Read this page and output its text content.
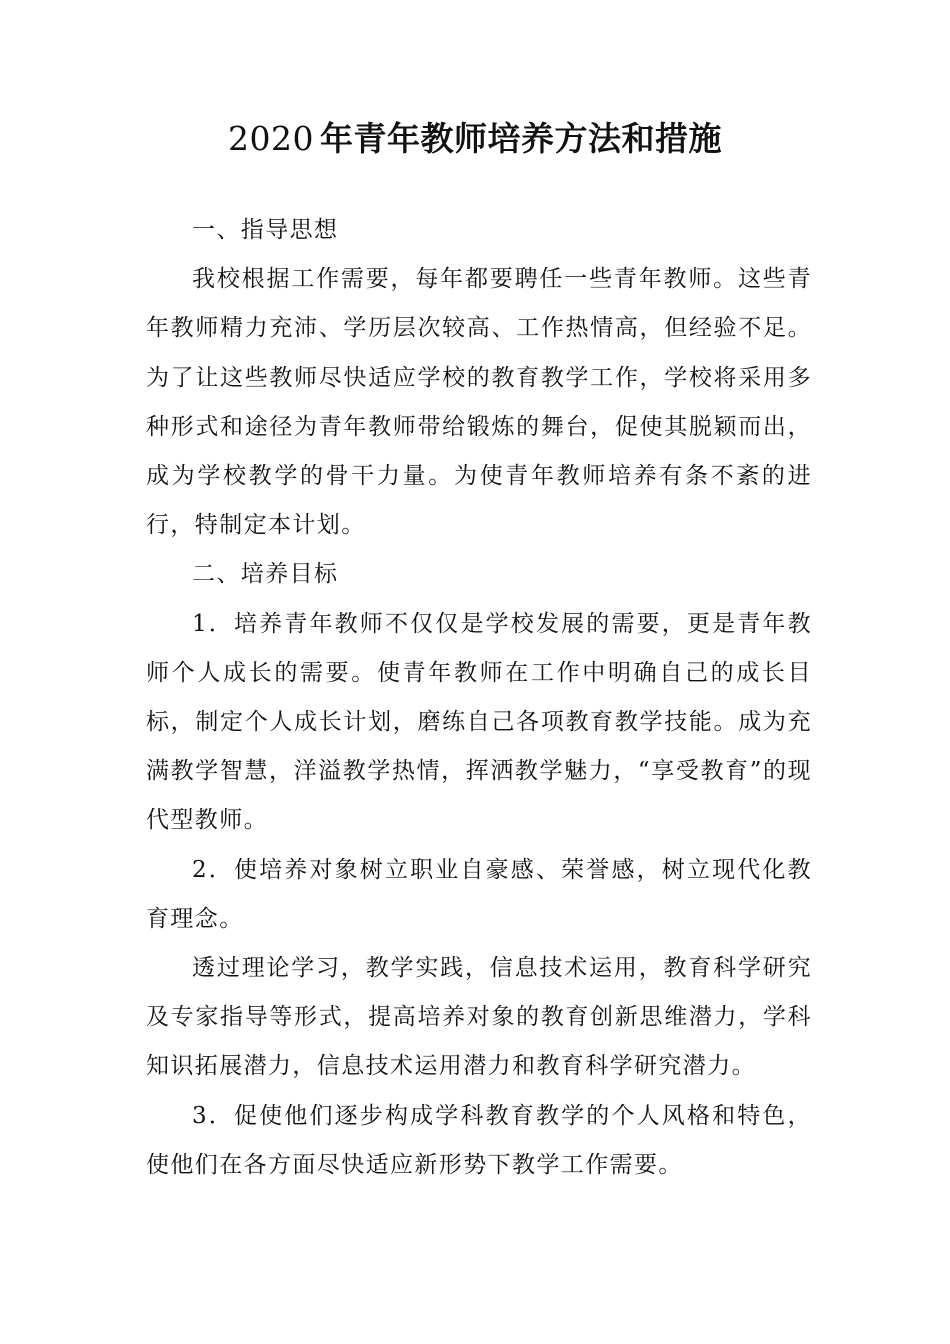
2020 年青年教师培养方法和措施

一、指导思想

我校根据工作需要，每年都要聘任一些青年教师。这些青年教师精力充沛、学历层次较高、工作热情高，但经验不足。为了让这些教师尽快适应学校的教育教学工作，学校将采用多种形式和途径为青年教师带给锻炼的舞台，促使其脱颖而出，成为学校教学的骨干力量。为使青年教师培养有条不紊的进行，特制定本计划。

二、培养目标

1．培养青年教师不仅仅是学校发展的需要，更是青年教师个人成长的需要。使青年教师在工作中明确自己的成长目标，制定个人成长计划，磨练自己各项教育教学技能。成为充满教学智慧，洋溢教学热情，挥洒教学魅力，“享受教育”的现代型教师。

2．使培养对象树立职业自豪感、荣誉感，树立现代化教育理念。

透过理论学习，教学实践，信息技术运用，教育科学研究及专家指导等形式，提高培养对象的教育创新思维潜力，学科知识拓展潜力，信息技术运用潜力和教育科学研究潜力。

3．促使他们逐步构成学科教育教学的个人风格和特色，使他们在各方面尽快适应新形势下教学工作需要。
